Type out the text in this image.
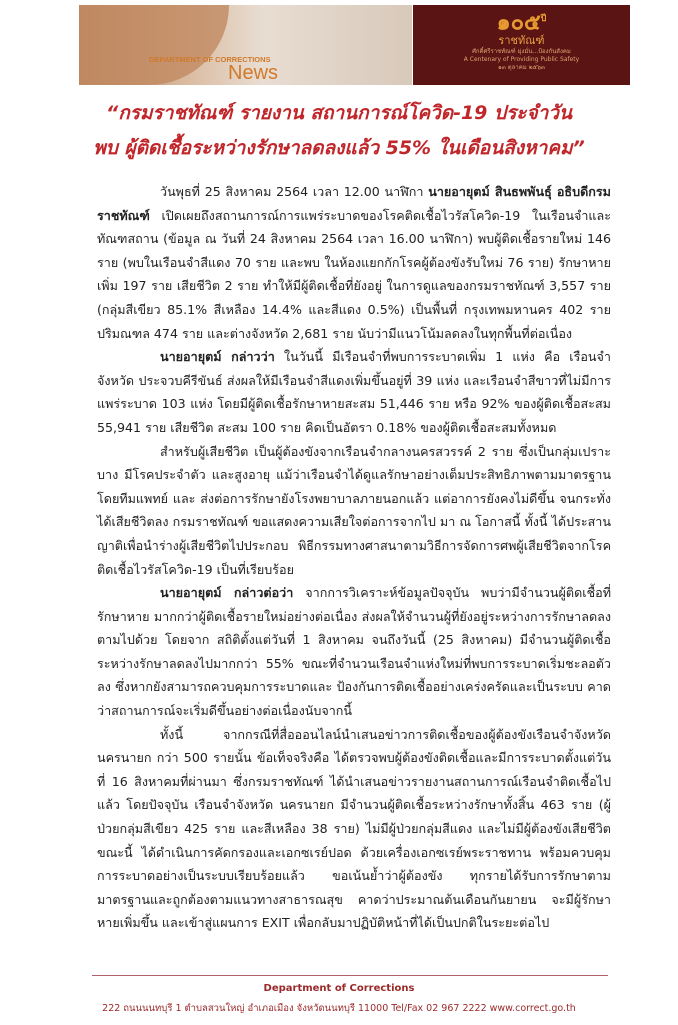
DEPARTMENT OF CORRECTIONS
News
๑๐๕$^{ปี}$
ราชทัณฑ์
ศักดิ์ศรีราชทัณฑ์ มุ่งมั่น...ป้องกันสังคม
A Centenary of Providing Public Safety
๑๓ ตุลาคม ๒๕๖๓
“กรมราชทัณฑ์ รายงาน สถานการณ์โควิด-19 ประจำวัน
พบ ผู้ติดเชื้อระหว่างรักษาลดลงแล้ว 55% ในเดือนสิงหาคม”

วันพุธที่ 25 สิงหาคม 2564 เวลา 12.00 นาฬิกา นายอายุตม์ สินธพพันธุ์ อธิบดีกรมราชทัณฑ์ เปิดเผยถึงสถานการณ์การแพร่ระบาดของโรคติดเชื้อไวรัสโควิด-19 ในเรือนจำและทัณฑสถาน (ข้อมูล ณ วันที่ 24 สิงหาคม 2564 เวลา 16.00 นาฬิกา) พบผู้ติดเชื้อรายใหม่ 146 ราย (พบในเรือนจำสีแดง 70 ราย และพบ ในห้องแยกกักโรคผู้ต้องขังรับใหม่ 76 ราย) รักษาหายเพิ่ม 197 ราย เสียชีวิต 2 ราย ทำให้มีผู้ติดเชื้อที่ยังอยู่ ในการดูแลของกรมราชทัณฑ์ 3,557 ราย (กลุ่มสีเขียว 85.1% สีเหลือง 14.4% และสีแดง 0.5%) เป็นพื้นที่ กรุงเทพมหานคร 402 ราย ปริมณฑล 474 ราย และต่างจังหวัด 2,681 ราย นับว่ามีแนวโน้มลดลงในทุกพื้นที่ต่อเนื่อง

นายอายุตม์ กล่าวว่า ในวันนี้ มีเรือนจำที่พบการระบาดเพิ่ม 1 แห่ง คือ เรือนจำจังหวัด ประจวบคีรีขันธ์ ส่งผลให้มีเรือนจำสีแดงเพิ่มขึ้นอยู่ที่ 39 แห่ง และเรือนจำสีขาวที่ไม่มีการแพร่ระบาด 103 แห่ง โดยมีผู้ติดเชื้อรักษาหายสะสม 51,446 ราย หรือ 92% ของผู้ติดเชื้อสะสม 55,941 ราย เสียชีวิต สะสม 100 ราย คิดเป็นอัตรา 0.18% ของผู้ติดเชื้อสะสมทั้งหมด

สำหรับผู้เสียชีวิต เป็นผู้ต้องขังจากเรือนจำกลางนครสวรรค์ 2 ราย ซึ่งเป็นกลุ่มเปราะบาง มีโรคประจำตัว และสูงอายุ แม้ว่าเรือนจำได้ดูแลรักษาอย่างเต็มประสิทธิภาพตามมาตรฐานโดยทีมแพทย์ และ ส่งต่อการรักษายังโรงพยาบาลภายนอกแล้ว แต่อาการยังคงไม่ดีขึ้น จนกระทั่งได้เสียชีวิตลง กรมราชทัณฑ์ ขอแสดงความเสียใจต่อการจากไป มา ณ โอกาสนี้ ทั้งนี้ ได้ประสานญาติเพื่อนำร่างผู้เสียชีวิตไปประกอบ พิธีกรรมทางศาสนาตามวิธีการจัดการศพผู้เสียชีวิตจากโรคติดเชื้อไวรัสโควิด-19 เป็นที่เรียบร้อย

นายอายุตม์ กล่าวต่อว่า จากการวิเคราะห์ข้อมูลปัจจุบัน พบว่ามีจำนวนผู้ติดเชื้อที่รักษาหาย มากกว่าผู้ติดเชื้อรายใหม่อย่างต่อเนื่อง ส่งผลให้จำนวนผู้ที่ยังอยู่ระหว่างการรักษาลดลงตามไปด้วย โดยจาก สถิติตั้งแต่วันที่ 1 สิงหาคม จนถึงวันนี้ (25 สิงหาคม) มีจำนวนผู้ติดเชื้อระหว่างรักษาลดลงไปมากกว่า 55% ขณะที่จำนวนเรือนจำแห่งใหม่ที่พบการระบาดเริ่มชะลอตัวลง ซึ่งหากยังสามารถควบคุมการระบาดและ ป้องกันการติดเชื้ออย่างเคร่งครัดและเป็นระบบ คาดว่าสถานการณ์จะเริ่มดีขึ้นอย่างต่อเนื่องนับจากนี้

ทั้งนี้ จากกรณีที่สื่อออนไลน์นำเสนอข่าวการติดเชื้อของผู้ต้องขังเรือนจำจังหวัดนครนายก กว่า 500 รายนั้น ข้อเท็จจริงคือ ได้ตรวจพบผู้ต้องขังติดเชื้อและมีการระบาดตั้งแต่วันที่ 16 สิงหาคมที่ผ่านมา ซึ่งกรมราชทัณฑ์ ได้นำเสนอข่าวรายงานสถานการณ์เรือนจำติดเชื้อไปแล้ว โดยปัจจุบัน เรือนจำจังหวัด นครนายก มีจำนวนผู้ติดเชื้อระหว่างรักษาทั้งสิ้น 463 ราย (ผู้ป่วยกลุ่มสีเขียว 425 ราย และสีเหลือง 38 ราย) ไม่มีผู้ป่วยกลุ่มสีแดง และไม่มีผู้ต้องขังเสียชีวิต ขณะนี้ ได้ดำเนินการคัดกรองและเอกซเรย์ปอด ด้วยเครื่องเอกซเรย์พระราชทาน พร้อมควบคุมการระบาดอย่างเป็นระบบเรียบร้อยแล้ว ขอเน้นย้ำว่าผู้ต้องขัง ทุกรายได้รับการรักษาตามมาตรฐานและถูกต้องตามแนวทางสาธารณสุข คาดว่าประมาณต้นเดือนกันยายน จะมีผู้รักษาหายเพิ่มขึ้น และเข้าสู่แผนการ EXIT เพื่อกลับมาปฏิบัติหน้าที่ได้เป็นปกติในระยะต่อไป

Department of Corrections
222 ถนนนนทบุรี 1 ตำบลสวนใหญ่ อำเภอเมือง จังหวัดนนทบุรี 11000 Tel/Fax 02 967 2222 www.correct.go.th
